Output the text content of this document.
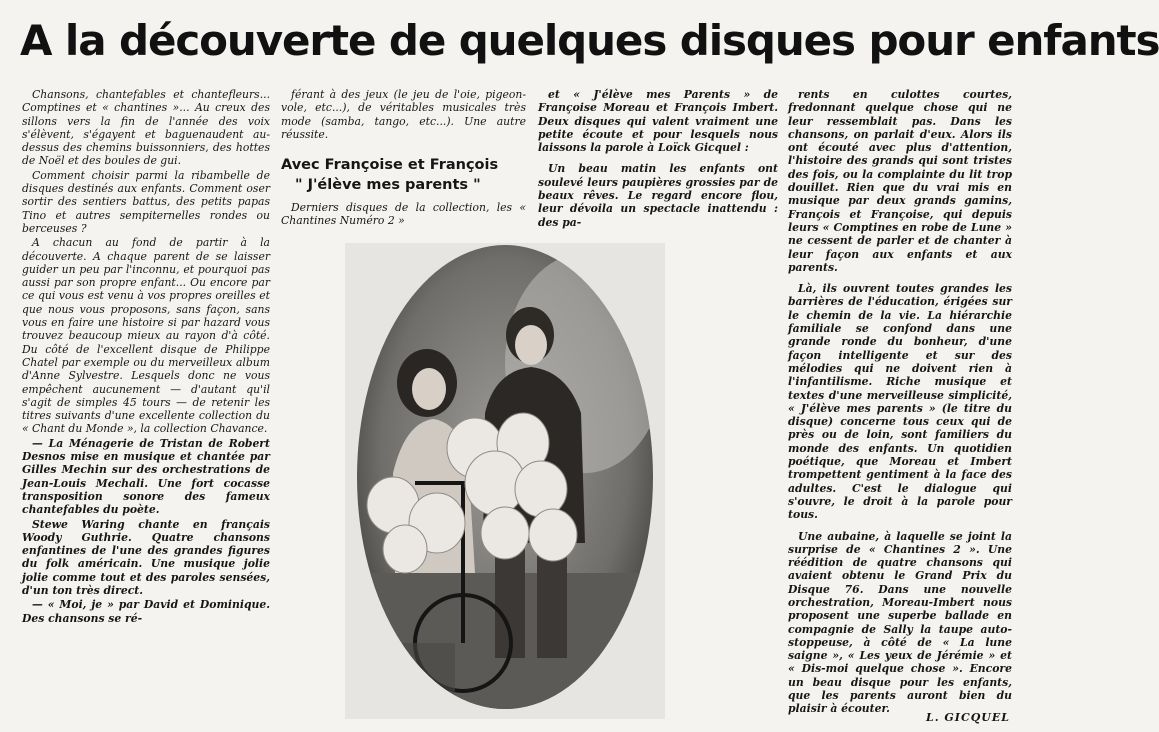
A la découverte de quelques disques pour enfants

Chansons, chantefables et chantefleurs... Comptines et « chantines »... Au creux des sillons vers la fin de l'année des voix s'élèvent, s'égayent et baguenaudent au-dessus des chemins buissonniers, des hottes de Noël et des boules de gui.

Comment choisir parmi la ribambelle de disques destinés aux enfants. Comment oser sortir des sentiers battus, des petits papas Tino et autres sempiternelles rondes ou berceuses ?

A chacun au fond de partir à la découverte. A chaque parent de se laisser guider un peu par l'inconnu, et pourquoi pas aussi par son propre enfant... Ou encore par ce qui vous est venu à vos propres oreilles et que nous vous proposons, sans façon, sans vous en faire une histoire si par hazard vous trouvez beaucoup mieux au rayon d'à côté. Du côté de l'excellent disque de Philippe Chatel par exemple ou du merveilleux album d'Anne Sylvestre. Lesquels donc ne vous empêchent aucunement — d'autant qu'il s'agit de simples 45 tours — de retenir les titres suivants d'une excellente collection du « Chant du Monde », la collection Chavance.

— La Ménagerie de Tristan de Robert Desnos mise en musique et chantée par Gilles Mechin sur des orchestrations de Jean-Louis Mechali. Une fort cocasse transposition sonore des fameux chantefables du poète.

Stewe Waring chante en français Woody Guthrie. Quatre chansons enfantines de l'une des grandes figures du folk américain. Une musique jolie jolie comme tout et des paroles sensées, d'un ton très direct.

— « Moi, je » par David et Dominique. Des chansons se ré-

férant à des jeux (le jeu de l'oie, pigeon-vole, etc...), de véritables musicales très mode (samba, tango, etc...). Une autre réussite.

Avec Françoise et François
" J'élève mes parents "

Derniers disques de la collection, les « Chantines Numéro 2 »

et « J'élève mes Parents » de Françoise Moreau et François Imbert. Deux disques qui valent vraiment une petite écoute et pour lesquels nous laissons la parole à Loïck Gicquel :

Un beau matin les enfants ont soulevé leurs paupières grossies par de beaux rêves. Le regard encore flou, leur dévoila un spectacle inattendu : des pa-

rents en culottes courtes, fredonnant quelque chose qui ne leur ressemblait pas. Dans les chansons, on parlait d'eux. Alors ils ont écouté avec plus d'attention, l'histoire des grands qui sont tristes des fois, ou la complainte du lit trop douillet. Rien que du vrai mis en musique par deux grands gamins, François et Françoise, qui depuis leurs « Comptines en robe de Lune » ne cessent de parler et de chanter à leur façon aux enfants et aux parents.

Là, ils ouvrent toutes grandes les barrières de l'éducation, érigées sur le chemin de la vie. La hiérarchie familiale se confond dans une grande ronde du bonheur, d'une façon intelligente et sur des mélodies qui ne doivent rien à l'infantilisme. Riche musique et textes d'une merveilleuse simplicité, « J'élève mes parents » (le titre du disque) concerne tous ceux qui de près ou de loin, sont familiers du monde des enfants. Un quotidien poétique, que Moreau et Imbert trompettent gentiment à la face des adultes. C'est le dialogue qui s'ouvre, le droit à la parole pour tous.

Une aubaine, à laquelle se joint la surprise de « Chantines 2 ». Une réédition de quatre chansons qui avaient obtenu le Grand Prix du Disque 76. Dans une nouvelle orchestration, Moreau-Imbert nous proposent une superbe ballade en compagnie de Sally la taupe auto-stoppeuse, à côté de « La lune saigne », « Les yeux de Jérémie » et « Dis-moi quelque chose ». Encore un beau disque pour les enfants, que les parents auront bien du plaisir à écouter.

L. GICQUEL
